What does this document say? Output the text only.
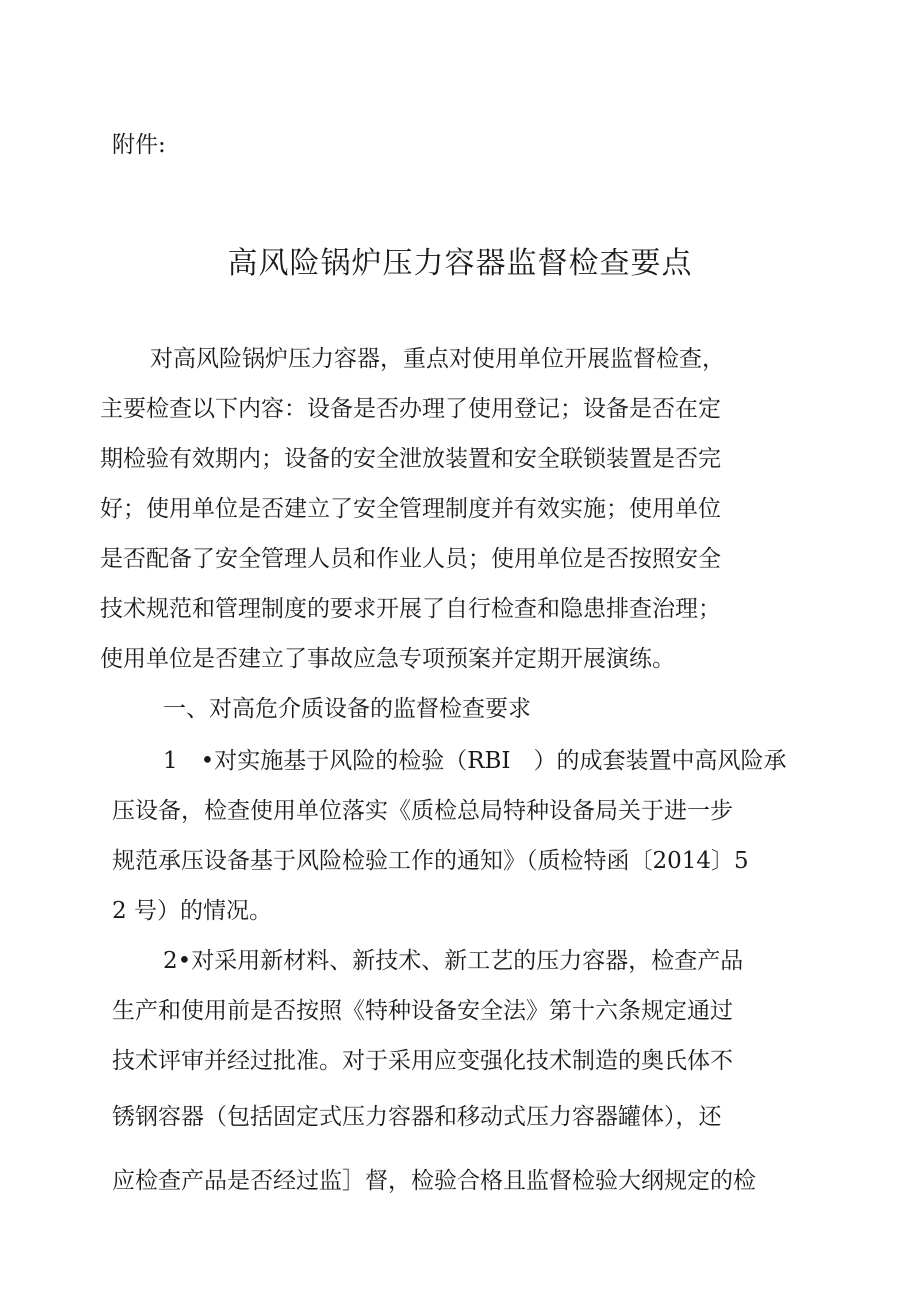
附件:
高风险锅炉压力容器监督检查要点
对高风险锅炉压力容器，重点对使用单位开展监督检查，
主要检查以下内容：设备是否办理了使用登记；设备是否在定
期检验有效期内；设备的安全泄放装置和安全联锁装置是否完
好；使用单位是否建立了安全管理制度并有效实施；使用单位
是否配备了安全管理人员和作业人员；使用单位是否按照安全
技术规范和管理制度的要求开展了自行检查和隐患排查治理；
使用单位是否建立了事故应急专项预案并定期开展演练。
一、对高危介质设备的监督检查要求
1　•对实施基于风险的检验（RBI　）的成套装置中高风险承
压设备，检查使用单位落实《质检总局特种设备局关于进一步
规范承压设备基于风险检验工作的通知》（质检特函〔2014〕5
2 号）的情况。
2•对采用新材料、新技术、新工艺的压力容器，检查产品
生产和使用前是否按照《特种设备安全法》第十六条规定通过
技术评审并经过批准。对于采用应变强化技术制造的奥氏体不
锈钢容器（包括固定式压力容器和移动式压力容器罐体），还
应检查产品是否经过监］督，检验合格且监督检验大纲规定的检
